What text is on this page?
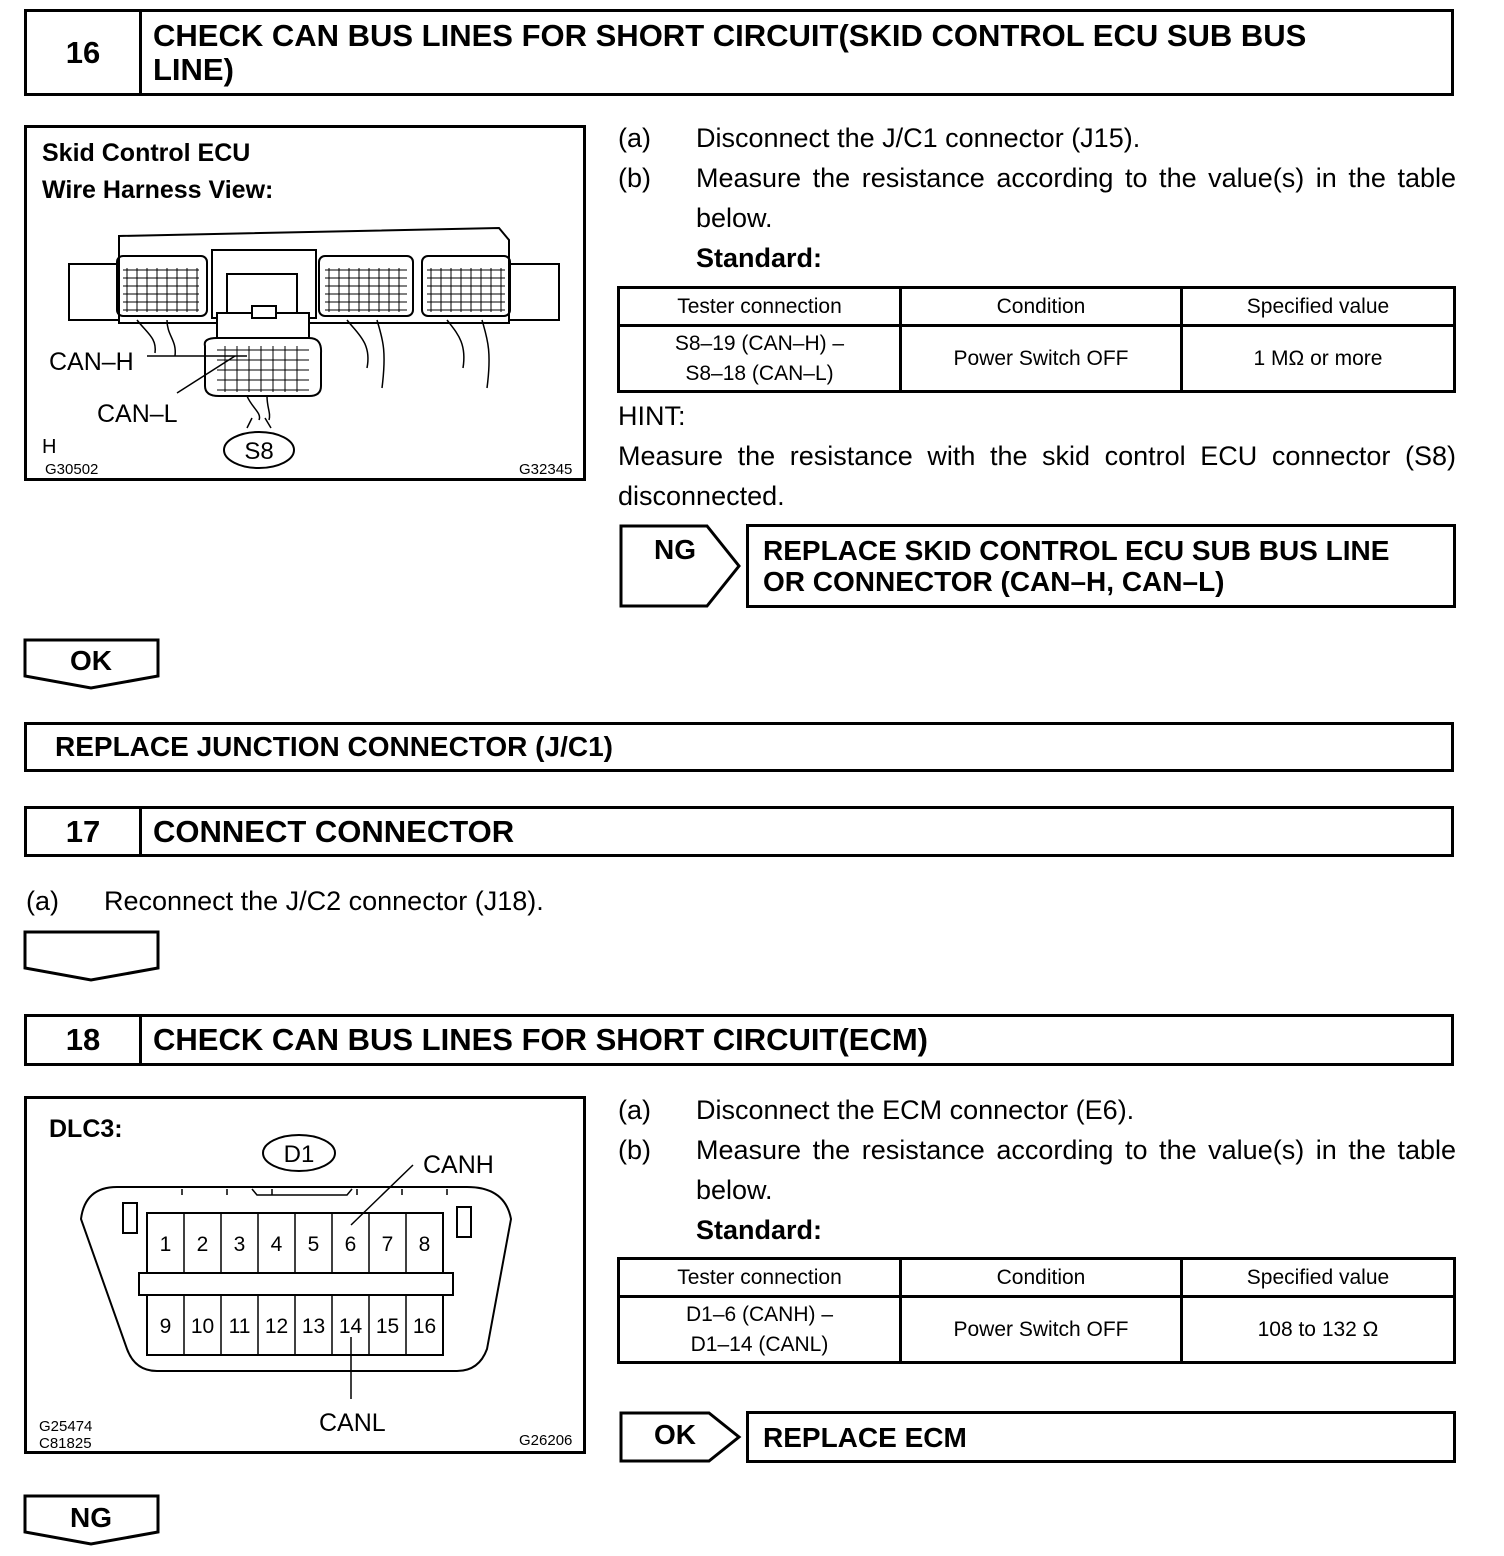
16	CHECK CAN BUS LINES FOR SHORT CIRCUIT(SKID CONTROL ECU SUB BUS
LINE)
Skid Control ECU
Wire Harness View:
CAN–H
CAN–L
S8
H
G30502	G32345
(a) Disconnect the J/C1 connector (J15).
(b) Measure the resistance according to the value(s) in the table below.
Standard:
Tester connection	Condition	Specified value

S8–19 (CAN–H) –
S8–18 (CAN–L)	Power Switch OFF	1 MΩ or more
HINT:
Measure the resistance with the skid control ECU connector (S8) disconnected.
NG	REPLACE SKID CONTROL ECU SUB BUS LINE
OR CONNECTOR (CAN–H, CAN–L)
OK
REPLACE JUNCTION CONNECTOR (J/C1)
17	CONNECT CONNECTOR
(a) Reconnect the J/C2 connector (J18).
18	CHECK CAN BUS LINES FOR SHORT CIRCUIT(ECM)
DLC3:
D1	CANH
1 2 3 4 5 6 7 8
9 10 11 12 13 14 15 16
CANL
G25474
C81825	G26206
(a) Disconnect the ECM connector (E6).
(b) Measure the resistance according to the value(s) in the table below.
Standard:
Tester connection	Condition	Specified value

D1–6 (CANH) –
D1–14 (CANL)	Power Switch OFF	108 to 132 Ω
OK	REPLACE ECM
NG
